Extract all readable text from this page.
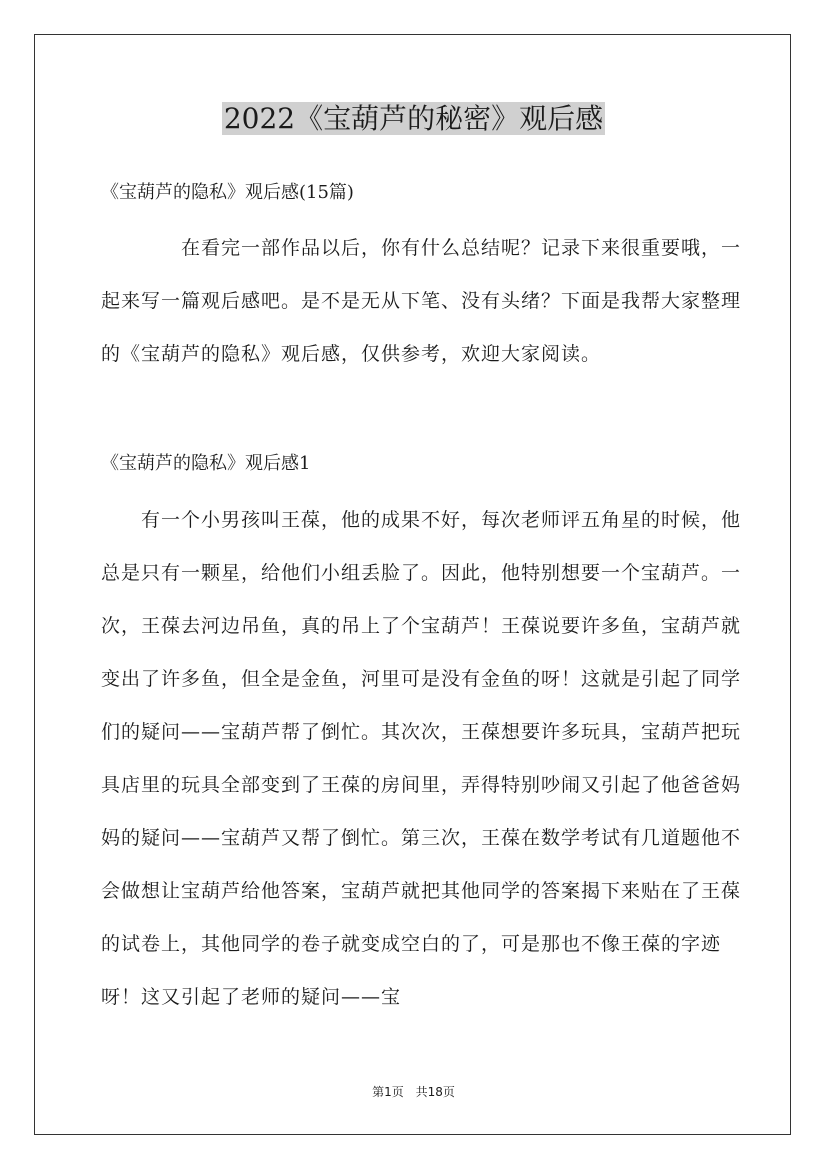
2022《宝葫芦的秘密》观后感
《宝葫芦的隐私》观后感(15篇)

在看完一部作品以后，你有什么总结呢？记录下来很重要哦，一起来写一篇观后感吧。是不是无从下笔、没有头绪？下面是我帮大家整理的《宝葫芦的隐私》观后感，仅供参考，欢迎大家阅读。

《宝葫芦的隐私》观后感1

有一个小男孩叫王葆，他的成果不好，每次老师评五角星的时候，他总是只有一颗星，给他们小组丢脸了。因此，他特别想要一个宝葫芦。一次，王葆去河边吊鱼，真的吊上了个宝葫芦！王葆说要许多鱼，宝葫芦就变出了许多鱼，但全是金鱼，河里可是没有金鱼的呀！这就是引起了同学们的疑问——宝葫芦帮了倒忙。其次次，王葆想要许多玩具，宝葫芦把玩具店里的玩具全部变到了王葆的房间里，弄得特别吵闹又引起了他爸爸妈妈的疑问——宝葫芦又帮了倒忙。第三次，王葆在数学考试有几道题他不会做想让宝葫芦给他答案，宝葫芦就把其他同学的答案揭下来贴在了王葆的试卷上，其他同学的卷子就变成空白的了，可是那也不像王葆的字迹呀！这又引起了老师的疑问——宝

第1页 共18页
